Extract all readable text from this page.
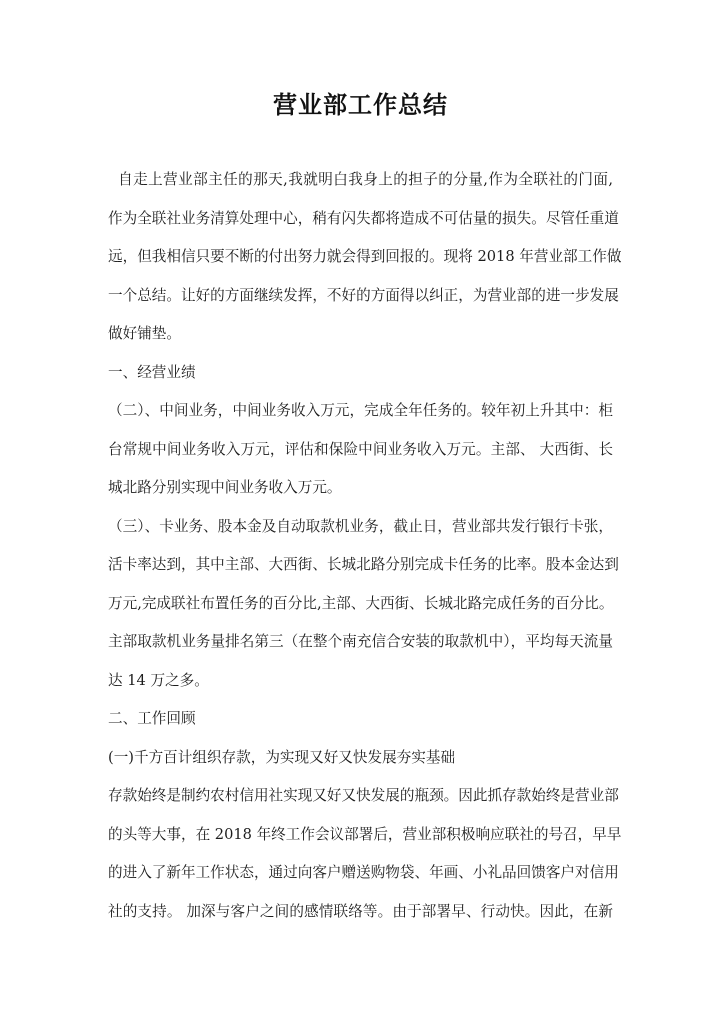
营业部工作总结
自走上营业部主任的那天,我就明白我身上的担子的分量,作为全联社的门面,
作为全联社业务清算处理中心，稍有闪失都将造成不可估量的损失。尽管任重道
远，但我相信只要不断的付出努力就会得到回报的。现将 2018 年营业部工作做
一个总结。让好的方面继续发挥，不好的方面得以纠正，为营业部的进一步发展
做好铺垫。
一、经营业绩
（二）、中间业务，中间业务收入万元，完成全年任务的。较年初上升其中：柜
台常规中间业务收入万元，评估和保险中间业务收入万元。主部、 大西街、长
城北路分别实现中间业务收入万元。
（三）、卡业务、股本金及自动取款机业务，截止日，营业部共发行银行卡张，
活卡率达到，其中主部、大西街、长城北路分别完成卡任务的比率。股本金达到
万元,完成联社布置任务的百分比,主部、大西街、长城北路完成任务的百分比。
主部取款机业务量排名第三（在整个南充信合安装的取款机中），平均每天流量
达 14 万之多。
二、工作回顾
(一)千方百计组织存款，为实现又好又快发展夯实基础
存款始终是制约农村信用社实现又好又快发展的瓶颈。因此抓存款始终是营业部
的头等大事，在 2018 年终工作会议部署后，营业部积极响应联社的号召，早早
的进入了新年工作状态，通过向客户赠送购物袋、年画、小礼品回馈客户对信用
社的支持。 加深与客户之间的感情联络等。由于部署早、行动快。因此，在新
